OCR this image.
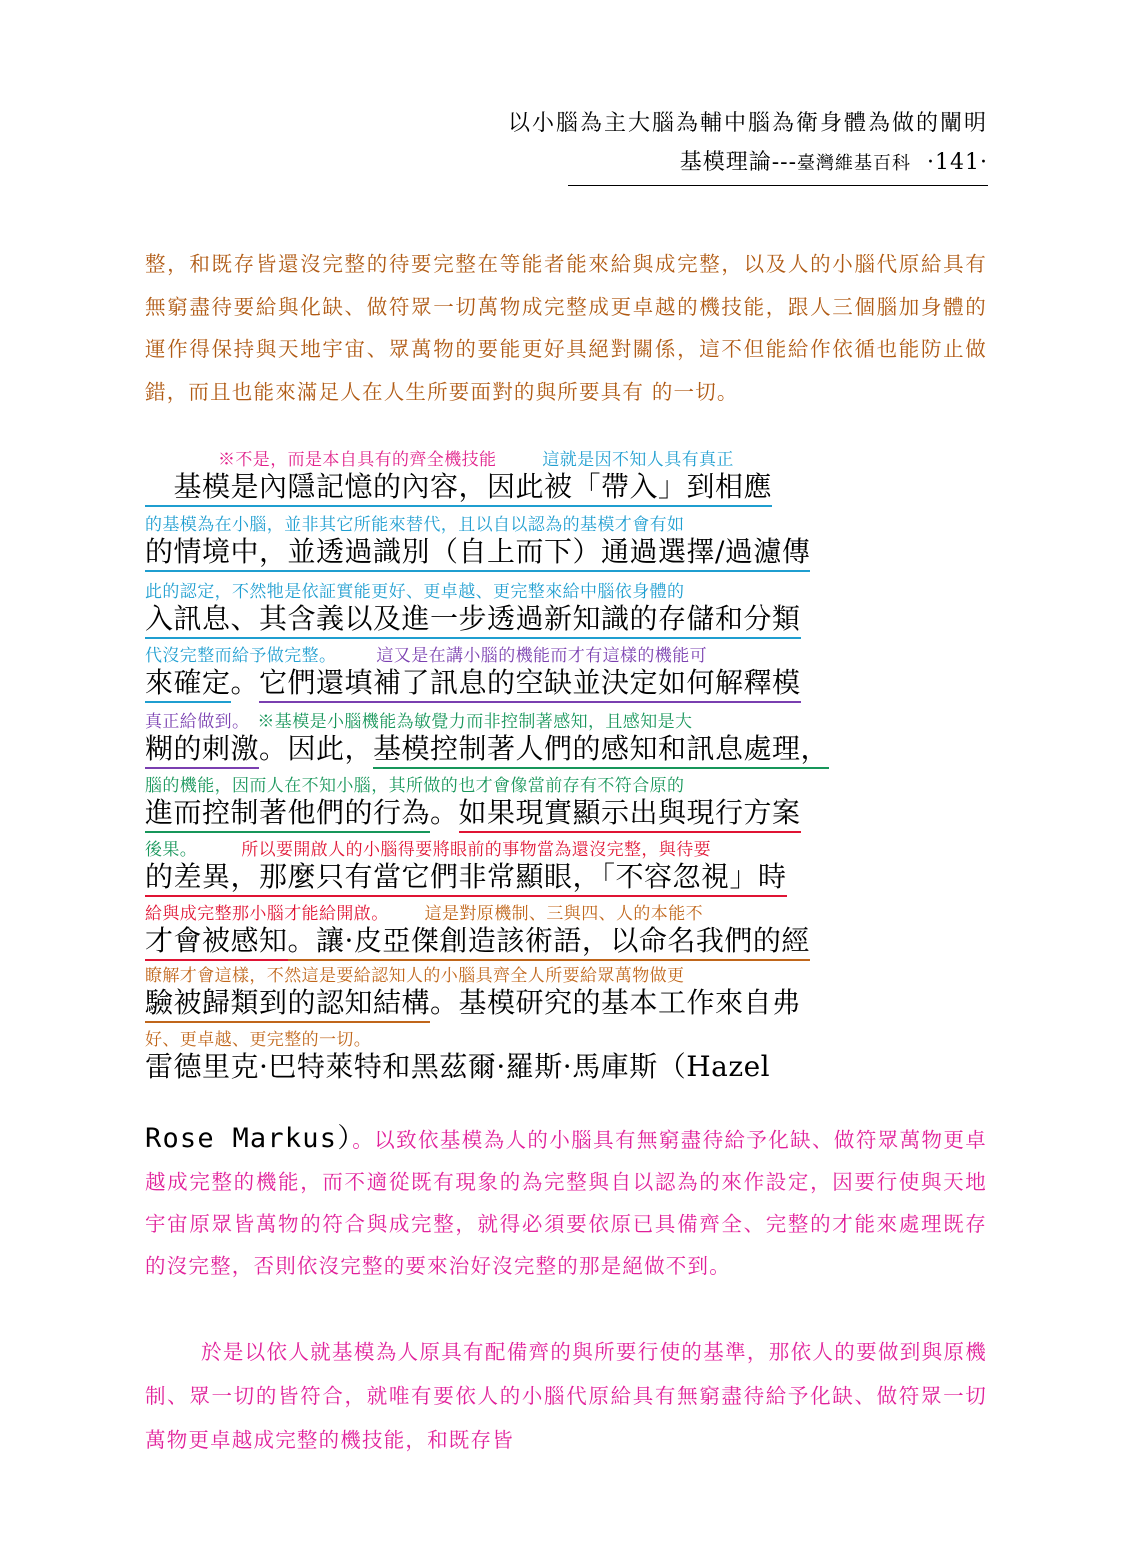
以小腦為主大腦為輔中腦為衛身體為做的闡明
基模理論---臺灣維基百科 ·141·
整，和既存皆還沒完整的待要完整在等能者能來給與成完整，以及人的小腦代原給具有無窮盡待要給與化缺、做符眾一切萬物成完整成更卓越的機技能，跟人三個腦加身體的運作得保持與天地宇宙、眾萬物的要能更好具絕對關係，這不但能給作依循也能防止做錯，而且也能來滿足人在人生所要面對的與所要具有 的一切。
※不是，而是本自具有的齊全機技能	這就是因不知人具有真正
　基模是內隱記憶的內容，因此被「帶入」到相應
的基模為在小腦，並非其它所能來替代，且以自以認為的基模才會有如
的情境中，並透過識別（自上而下）通過選擇/過濾傳
此的認定，不然牠是依証實能更好、更卓越、更完整來給中腦依身體的
入訊息、其含義以及進一步透過新知識的存儲和分類
代沒完整而給予做完整。 這又是在講小腦的機能而才有這樣的機能可
來確定。它們還填補了訊息的空缺並決定如何解釋模
真正給做到。 ※基模是小腦機能為敏覺力而非控制著感知，且感知是大
糊的刺激。因此，基模控制著人們的感知和訊息處理，
腦的機能，因而人在不知小腦，其所做的也才會像當前存有不符合原的
進而控制著他們的行為。如果現實顯示出與現行方案
後果。	所以要開啟人的小腦得要將眼前的事物當為還沒完整，與待要
的差異，那麼只有當它們非常顯眼，「不容忽視」時
給與成完整那小腦才能給開啟。 這是對原機制、三與四、人的本能不
才會被感知。讓·皮亞傑創造該術語，以命名我們的經
瞭解才會這樣，不然這是要給認知人的小腦具齊全人所要給眾萬物做更
驗被歸類到的認知結構。基模研究的基本工作來自弗
好、更卓越、更完整的一切。
雷德里克·巴特萊特和黑茲爾·羅斯·馬庫斯（Hazel
Rose Markus）。以致依基模為人的小腦具有無窮盡待給予化缺、做符眾萬物更卓越成完整的機能，而不適從既有現象的為完整與自以認為的來作設定，因要行使與天地宇宙原眾皆萬物的符合與成完整，就得必須要依原已具備齊全、完整的才能來處理既存的沒完整，否則依沒完整的要來治好沒完整的那是絕做不到。
於是以依人就基模為人原具有配備齊的與所要行使的基準，那依人的要做到與原機制、眾一切的皆符合，就唯有要依人的小腦代原給具有無窮盡待給予化缺、做符眾一切萬物更卓越成完整的機技能，和既存皆
